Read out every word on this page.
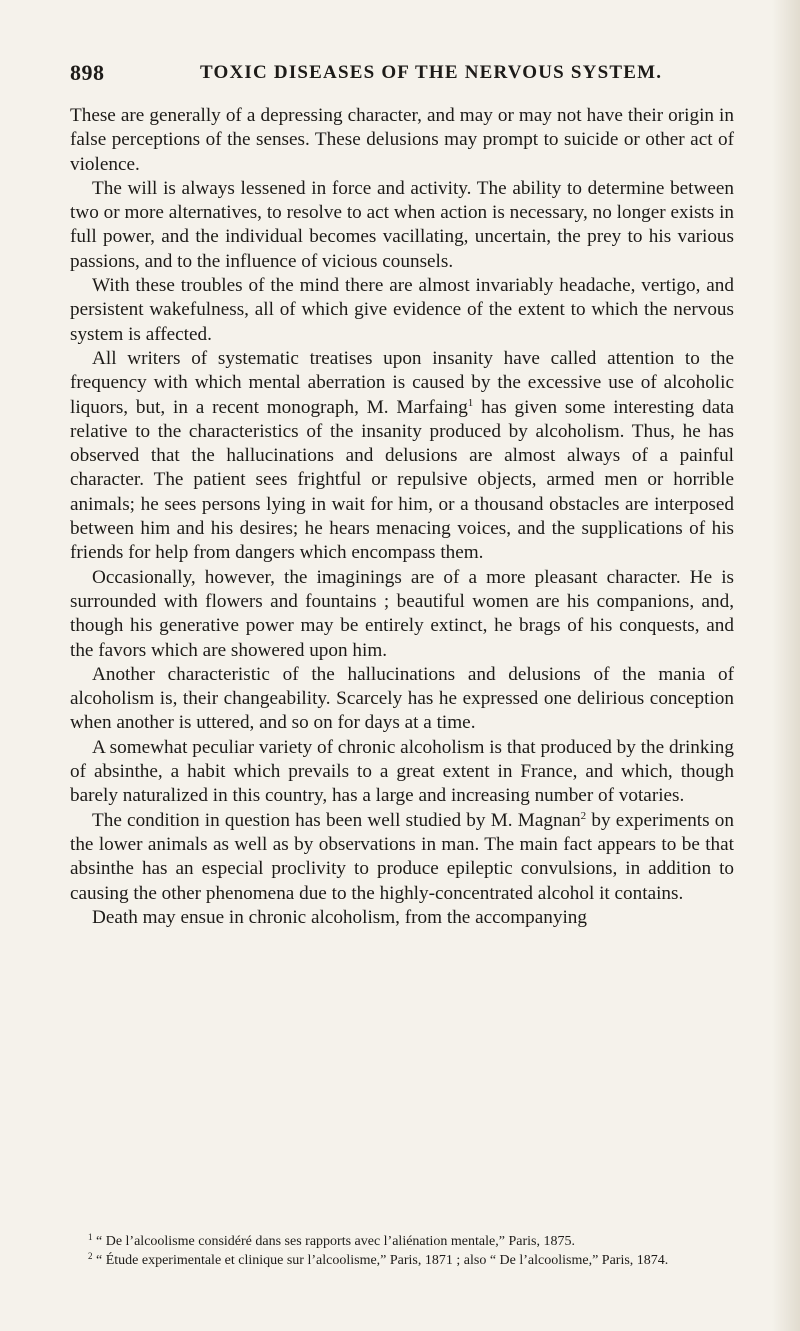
898	TOXIC DISEASES OF THE NERVOUS SYSTEM.

These are generally of a depressing character, and may or may not have their origin in false perceptions of the senses. These delusions may prompt to suicide or other act of violence.

The will is always lessened in force and activity. The ability to determine between two or more alternatives, to resolve to act when action is necessary, no longer exists in full power, and the individual becomes vacillating, uncertain, the prey to his various passions, and to the influence of vicious counsels.

With these troubles of the mind there are almost invariably headache, vertigo, and persistent wakefulness, all of which give evidence of the extent to which the nervous system is affected.

All writers of systematic treatises upon insanity have called attention to the frequency with which mental aberration is caused by the excessive use of alcoholic liquors, but, in a recent monograph, M. Marfaing$^1$ has given some interesting data relative to the characteristics of the insanity produced by alcoholism. Thus, he has observed that the hallucinations and delusions are almost always of a painful character. The patient sees frightful or repulsive objects, armed men or horrible animals; he sees persons lying in wait for him, or a thousand obstacles are interposed between him and his desires; he hears menacing voices, and the supplications of his friends for help from dangers which encompass them.

Occasionally, however, the imaginings are of a more pleasant character. He is surrounded with flowers and fountains ; beautiful women are his companions, and, though his generative power may be entirely extinct, he brags of his conquests, and the favors which are showered upon him.

Another characteristic of the hallucinations and delusions of the mania of alcoholism is, their changeability. Scarcely has he expressed one delirious conception when another is uttered, and so on for days at a time.

A somewhat peculiar variety of chronic alcoholism is that produced by the drinking of absinthe, a habit which prevails to a great extent in France, and which, though barely naturalized in this country, has a large and increasing number of votaries.

The condition in question has been well studied by M. Magnan$^2$ by experiments on the lower animals as well as by observations in man. The main fact appears to be that absinthe has an especial proclivity to produce epileptic convulsions, in addition to causing the other phenomena due to the highly-concentrated alcohol it contains.

Death may ensue in chronic alcoholism, from the accompanying

$^1$ “ De l’alcoolisme considéré dans ses rapports avec l’aliénation mentale,” Paris, 1875.

$^2$ “ Étude experimentale et clinique sur l’alcoolisme,” Paris, 1871 ; also “ De l’alcoolisme,” Paris, 1874.
